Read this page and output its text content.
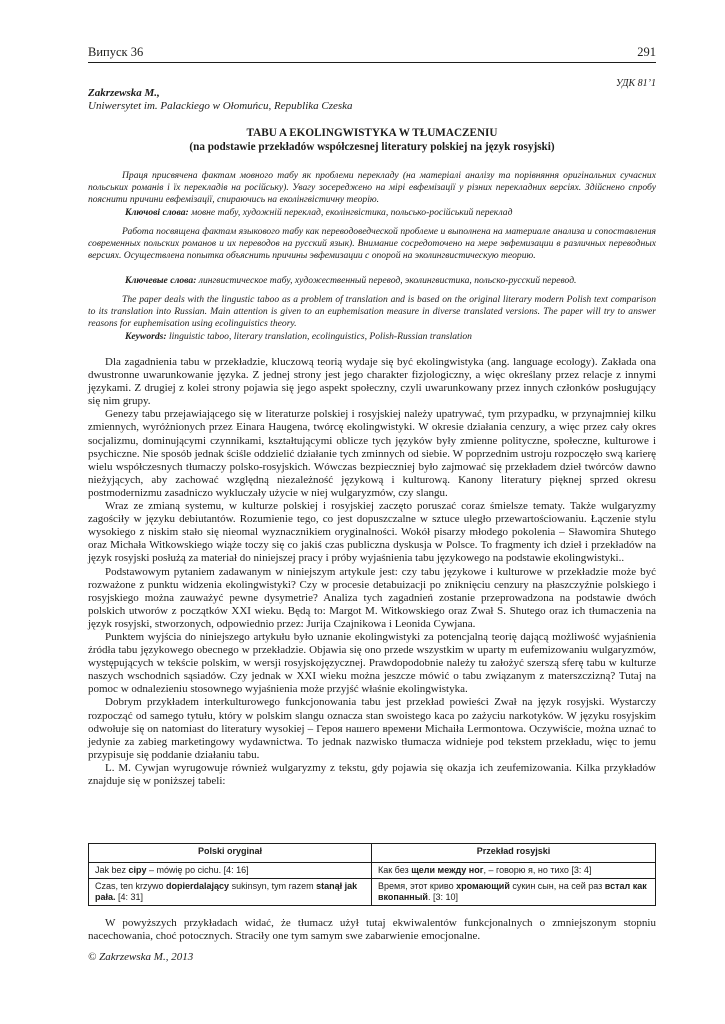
Випуск 36	291
УДК 81’1
Zakrzewska M.,
Uniwersytet im. Palackiego w Ołomuńcu, Republika Czeska
TABU A EKOLINGWISTYKA W TŁUMACZENIU
(na podstawie przekładów współczesnej literatury polskiej na język rosyjski)

Праця присвячена фактам мовного табу як проблеми перекладу (на матеріалі аналізу та порівняння оригінальних сучасних польських романів і їх перекладів на російську). Увагу зосереджено на мірі евфемізації у різних перекладних версіях. Здійснено спробу пояснити причини евфемізації, спираючись на еколінгвістичну теорію.

Ключові слова: мовне табу, художній переклад, еколінгвістика, польсько-російський переклад

Работа посвящена фактам языкового табу как переводоведческой проблеме и выполнена на материале анализа и сопоставления современных польских романов и их переводов на русский язык). Внимание сосредоточено на мере эвфемизации в различных переводных версиях. Осуществлена попытка объяснить причины эвфемизации с опорой на эколингвистическую теорию.

Ключевые слова: лингвистическое табу, художественный перевод, эколингвистика, польско-русский перевод.

The paper deals with the lingustic taboo as a problem of translation and is based on the original literary modern Polish text comparison to its translation into Russian. Main attention is given to an euphemisation measure in diverse translated versions. The paper will try to answer reasons for euphemisation using ecolinguistics theory.

Keywords: linguistic taboo, literary translation, ecolinguistics, Polish-Russian translation

Dla zagadnienia tabu w przekładzie, kluczową teorią wydaje się być ekolingwistyka (ang. language ecology). Zakłada ona dwustronne uwarunkowanie języka. Z jednej strony jest jego charakter fizjologiczny, a więc określany przez relacje z innymi językami. Z drugiej z kolei strony pojawia się jego aspekt społeczny, czyli uwarunkowany przez innych członków posługujący się nim grupy.

Genezy tabu przejawiającego się w literaturze polskiej i rosyjskiej należy upatrywać, tym przypadku, w przynajmniej kilku zmiennych, wyróżnionych przez Einara Haugena, twórcę ekolingwistyki. W okresie działania cenzury, a więc przez cały okres socjalizmu, dominującymi czynnikami, kształtującymi oblicze tych języków były zmienne polityczne, społeczne, kulturowe i psychiczne. Nie sposób jednak ściśle oddzielić działanie tych zminnych od siebie. W poprzednim ustroju rozpoczęło swą karierę wielu współczesnych tłumaczy polsko-rosyjskich. Wówczas bezpieczniej było zajmować się przekładem dzieł twórców dawno nieżyjących, aby zachować względną niezależność językową i kulturową. Kanony literatury pięknej sprzed okresu postmodernizmu zasadniczo wykluczały użycie w niej wulgaryzmów, czy slangu.

Wraz ze zmianą systemu, w kulturze polskiej i rosyjskiej zaczęto poruszać coraz śmielsze tematy. Także wulgaryzmy zagościły w języku debiutantów. Rozumienie tego, co jest dopuszczalne w sztuce uległo przewartościowaniu. Łączenie stylu wysokiego z niskim stało się nieomal wyznacznikiem oryginalności. Wokół pisarzy młodego pokolenia – Sławomira Shutego oraz Michała Witkowskiego wiąże toczy się co jakiś czas publiczna dyskusja w Polsce. To fragmenty ich dzieł i przekładów na język rosyjski posłużą za materiał do niniejszej pracy i próby wyjaśnienia tabu językowego na podstawie ekolingwistyki..

Podstawowym pytaniem zadawanym w niniejszym artykule jest: czy tabu językowe i kulturowe w przekładzie może być rozważone z punktu widzenia ekolingwistyki? Czy w procesie detabuizacji po zniknięciu cenzury na płaszczyźnie polskiego i rosyjskiego można zauważyć pewne dysymetrie? Analiza tych zagadnień zostanie przeprowadzona na podstawie dwóch polskich utworów z początków XXI wieku. Będą to: Margot M. Witkowskiego oraz Zwał S. Shutego oraz ich tłumaczenia na język rosyjski, stworzonych, odpowiednio przez: Jurija Czajnikowa i Leonida Cywjana.

Punktem wyjścia do niniejszego artykułu było uznanie ekolingwistyki za potencjalną teorię dającą możliwość wyjaśnienia źródła tabu językowego obecnego w przekładzie. Objawia się ono przede wszystkim w uparty m eufemizowaniu wulgaryzmów, występujących w tekście polskim, w wersji rosyjskojęzycznej. Prawdopodobnie należy tu założyć szerszą sferę tabu w kulturze naszych wschodnich sąsiadów. Czy jednak w XXI wieku można jeszcze mówić o tabu związanym z materszczizną? Tutaj na pomoc w odnalezieniu stosownego wyjaśnienia może przyjść właśnie ekolingwistyka.

Dobrym przykładem interkulturowego funkcjonowania tabu jest przekład powieści Zwał na język rosyjski. Wystarczy rozpocząć od samego tytułu, który w polskim slangu oznacza stan swoistego kaca po zażyciu narkotyków. W języku rosyjskim odwołuje się on natomiast do literatury wysokiej – Героя нашего времени Michaiła Lermontowa. Oczywiście, można uznać to jedynie za zabieg marketingowy wydawnictwa. To jednak nazwisko tłumacza widnieje pod tekstem przekładu, więc to jemu przypisuje się poddanie działaniu tabu.

L. M. Cywjan wyrugowuje również wulgaryzmy z tekstu, gdy pojawia się okazja ich zeufemizowania. Kilka przykładów znajduje się w poniższej tabeli:

Polski oryginał	Przekład rosyjski
Jak bez cipy – mówię po cichu. [4: 16]	Как без щели между ног, – говорю я, но тихо [3: 4]
Czas, ten krzywo dopierdalający sukinsyn, tym razem stanął jak pała. [4: 31]	Время, этот криво хромающий сукин сын, на сей раз встал как вкопанный. [3: 10]

W powyższych przykładach widać, że tłumacz użył tutaj ekwiwalentów funkcjonalnych o zmniejszonym stopniu nacechowania, choć potocznych. Straciły one tym samym swe zabarwienie emocjonalne.

© Zakrzewska M., 2013
